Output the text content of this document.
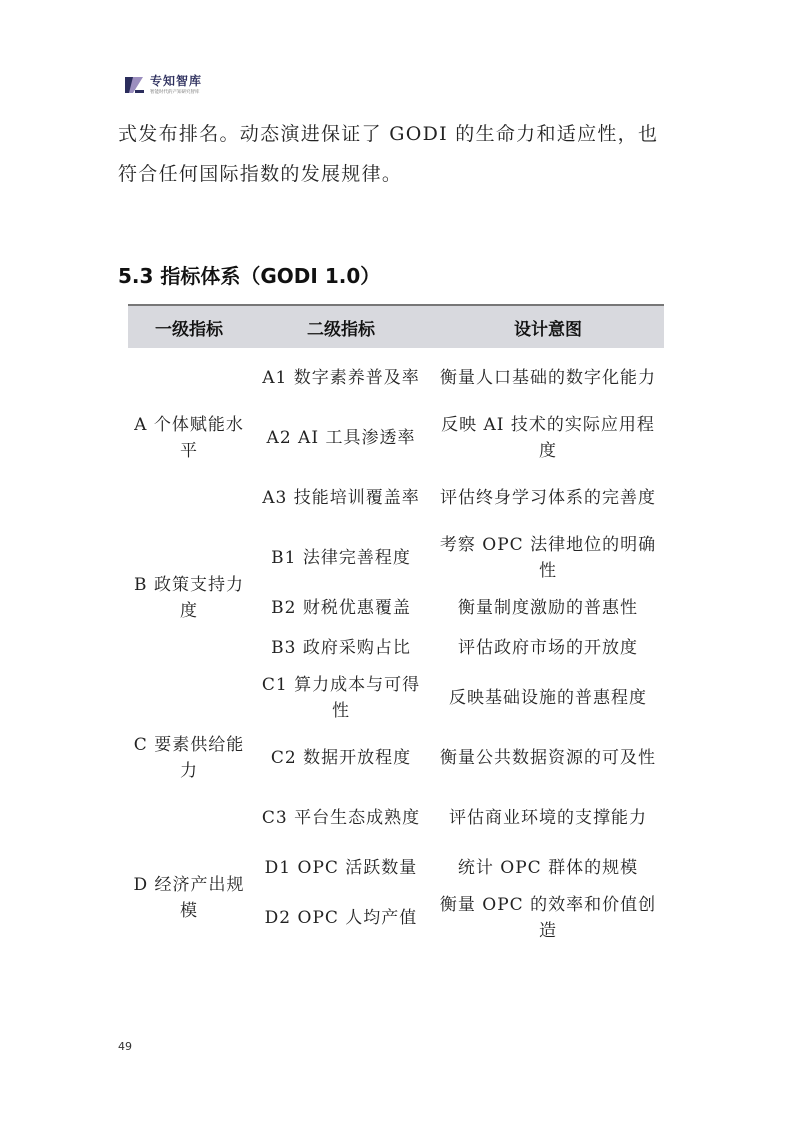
专知智库
智能时代的产知研究智库
式发布排名。动态演进保证了 GODI 的生命力和适应性，也
符合任何国际指数的发展规律。
5.3 指标体系（GODI 1.0）
一级指标	二级指标	设计意图
A 个体赋能水平	A1 数字素养普及率	衡量人口基础的数字化能力
	A2 AI 工具渗透率	反映 AI 技术的实际应用程度
	A3 技能培训覆盖率	评估终身学习体系的完善度
B 政策支持力度	B1 法律完善程度	考察 OPC 法律地位的明确性
	B2 财税优惠覆盖	衡量制度激励的普惠性
	B3 政府采购占比	评估政府市场的开放度
C 要素供给能力	C1 算力成本与可得性	反映基础设施的普惠程度
	C2 数据开放程度	衡量公共数据资源的可及性
	C3 平台生态成熟度	评估商业环境的支撑能力
D 经济产出规模	D1 OPC 活跃数量	统计 OPC 群体的规模
	D2 OPC 人均产值	衡量 OPC 的效率和价值创造
49
